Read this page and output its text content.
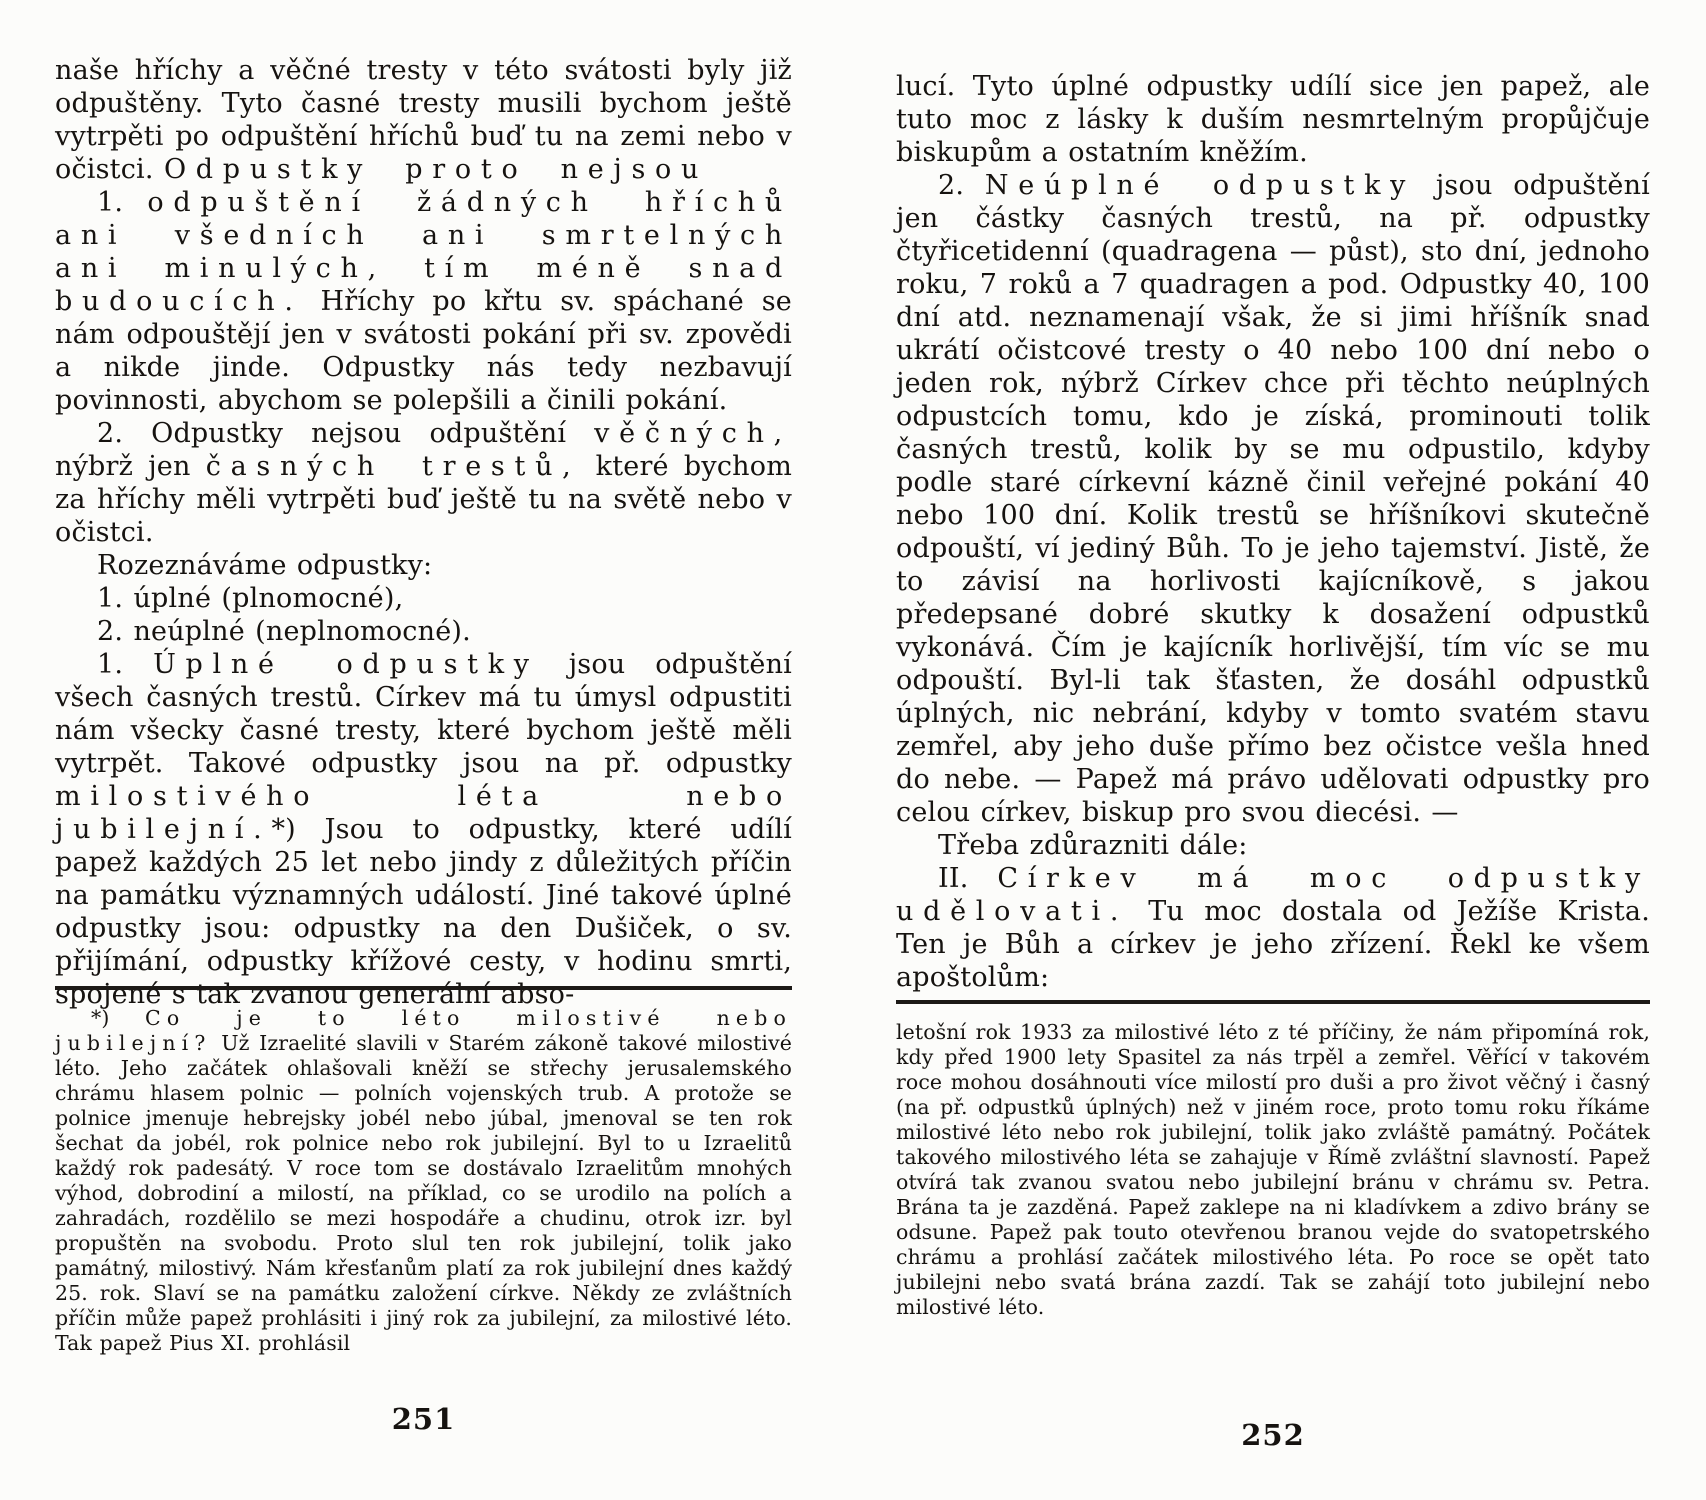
naše hříchy a věčné tresty v této svátosti byly již odpuštěny. Tyto časné tresty musili bychom ještě vytrpěti po odpuštění hříchů buď tu na zemi nebo v očistci. Odpustky proto nejsou

1. odpuštění žádných hříchů ani všedních ani smrtelných ani minulých, tím méně snad budoucích. Hříchy po křtu sv. spáchané se nám odpouštějí jen v svátosti pokání při sv. zpovědi a nikde jinde. Odpustky nás tedy nezbavují povinnosti, abychom se polepšili a činili pokání.

2. Odpustky nejsou odpuštění věčných, nýbrž jen časných trestů, které bychom za hříchy měli vytrpěti buď ještě tu na světě nebo v očistci.

Rozeznáváme odpustky:

1. úplné (plnomocné),

2. neúplné (neplnomocné).

1. Úplné odpustky jsou odpuštění všech časných trestů. Církev má tu úmysl odpustiti nám všecky časné tresty, které bychom ještě měli vytrpět. Takové odpustky jsou na př. odpustky milostivého léta nebo jubilejní.*) Jsou to odpustky, které udílí papež každých 25 let nebo jindy z důležitých příčin na památku významných událostí. Jiné takové úplné odpustky jsou: odpustky na den Dušiček, o sv. přijímání, odpustky křížové cesty, v hodinu smrti, spojené s tak zvanou generální abso-

*) Co je to léto milostivé nebo jubilejní? Už Izraelité slavili v Starém zákoně takové milostivé léto. Jeho začátek ohlašovali kněží se střechy jerusalemského chrámu hlasem polnic — polních vojenských trub. A protože se polnice jmenuje hebrejsky jobél nebo júbal, jmenoval se ten rok šechat da jobél, rok polnice nebo rok jubilejní. Byl to u Izraelitů každý rok padesátý. V roce tom se dostávalo Izraelitům mnohých výhod, dobrodiní a milostí, na příklad, co se urodilo na polích a zahradách, rozdělilo se mezi hospodáře a chudinu, otrok izr. byl propuštěn na svobodu. Proto slul ten rok jubilejní, tolik jako památný, milostivý. Nám křesťanům platí za rok jubilejní dnes každý 25. rok. Slaví se na památku založení církve. Někdy ze zvláštních příčin může papež prohlásiti i jiný rok za jubilejní, za milostivé léto. Tak papež Pius XI. prohlásil

251

lucí. Tyto úplné odpustky udílí sice jen papež, ale tuto moc z lásky k duším nesmrtelným propůjčuje biskupům a ostatním kněžím.

2. Neúplné odpustky jsou odpuštění jen částky časných trestů, na př. odpustky čtyřicetidenní (quadragena — půst), sto dní, jednoho roku, 7 roků a 7 quadragen a pod. Odpustky 40, 100 dní atd. neznamenají však, že si jimi hříšník snad ukrátí očistcové tresty o 40 nebo 100 dní nebo o jeden rok, nýbrž Církev chce při těchto neúplných odpustcích tomu, kdo je získá, prominouti tolik časných trestů, kolik by se mu odpustilo, kdyby podle staré církevní kázně činil veřejné pokání 40 nebo 100 dní. Kolik trestů se hříšníkovi skutečně odpouští, ví jediný Bůh. To je jeho tajemství. Jistě, že to závisí na horlivosti kajícníkově, s jakou předepsané dobré skutky k dosažení odpustků vykonává. Čím je kajícník horlivější, tím víc se mu odpouští. Byl-li tak šťasten, že dosáhl odpustků úplných, nic nebrání, kdyby v tomto svatém stavu zemřel, aby jeho duše přímo bez očistce vešla hned do nebe. — Papež má právo udělovati odpustky pro celou církev, biskup pro svou diecési. —

Třeba zdůrazniti dále:

II. Církev má moc odpustky udělovati. Tu moc dostala od Ježíše Krista. Ten je Bůh a církev je jeho zřízení. Řekl ke všem apoštolům:

letošní rok 1933 za milostivé léto z té příčiny, že nám připomíná rok, kdy před 1900 lety Spasitel za nás trpěl a zemřel. Věřící v takovém roce mohou dosáhnouti více milostí pro duši a pro život věčný i časný (na př. odpustků úplných) než v jiném roce, proto tomu roku říkáme milostivé léto nebo rok jubilejní, tolik jako zvláště památný. Počátek takového milostivého léta se zahajuje v Římě zvláštní slavností. Papež otvírá tak zvanou svatou nebo jubilejní bránu v chrámu sv. Petra. Brána ta je zazděná. Papež zaklepe na ni kladívkem a zdivo brány se odsune. Papež pak touto otevřenou branou vejde do svatopetrského chrámu a prohlásí začátek milostivého léta. Po roce se opět tato jubilejni nebo svatá brána zazdí. Tak se zahájí toto jubilejní nebo milostivé léto.

252
